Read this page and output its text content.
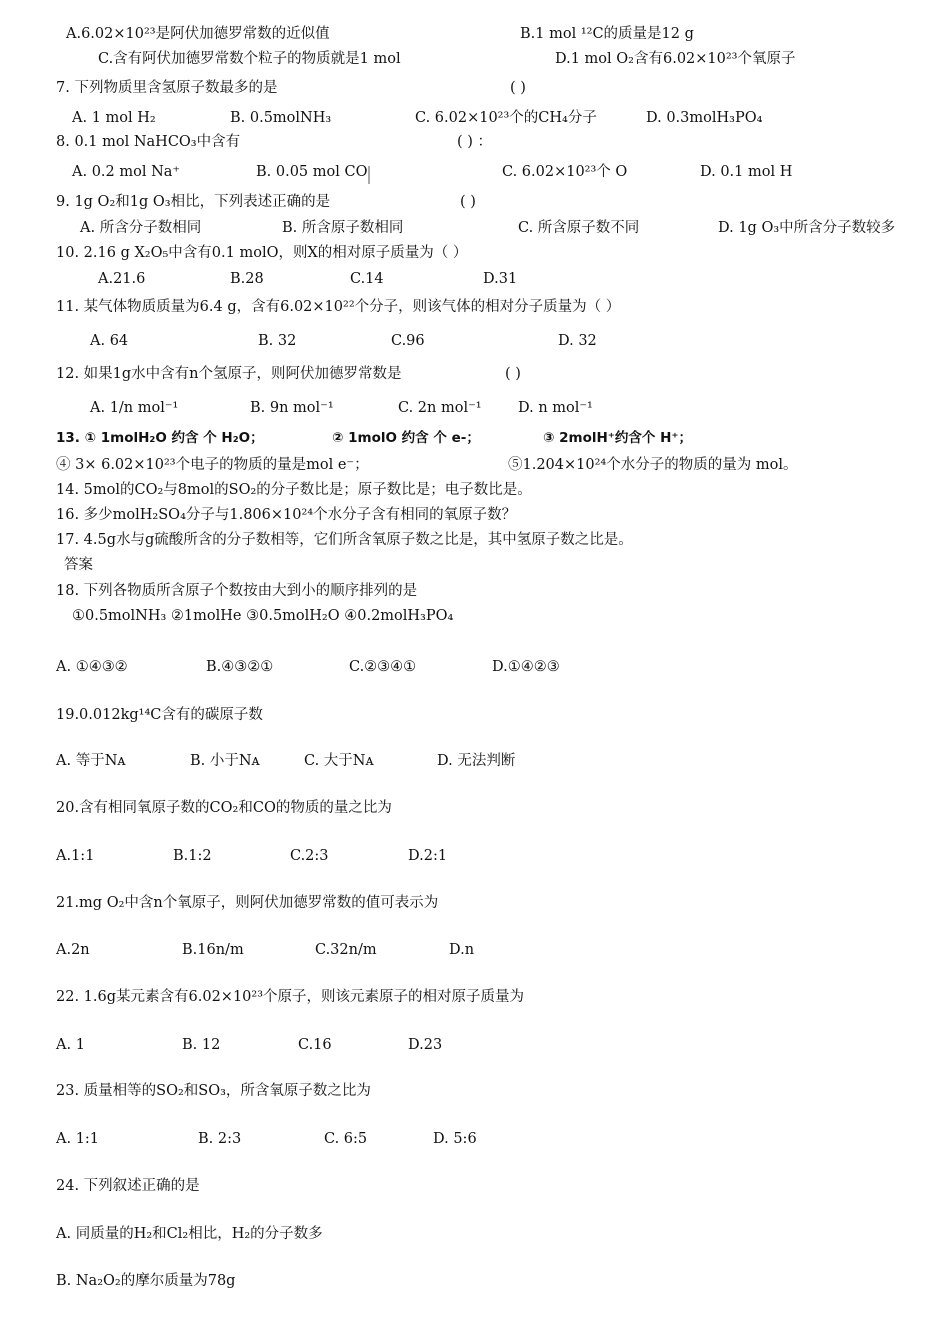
A.6.02×10²³是阿伏加德罗常数的近似值	B.1 mol ¹²C的质量是12 g
C.含有阿伏加德罗常数个粒子的物质就是1 mol	D.1 mol O₂含有6.02×10²³个氧原子
7. 下列物质里含氢原子数最多的是	( )
A. 1 mol H₂	B. 0.5molNH₃	C. 6.02×10²³个的CH₄分子	D. 0.3molH₃PO₄
8. 0.1 mol NaHCO₃中含有	( ) ：
A. 0.2 mol Na⁺	B. 0.05 mol CO	C. 6.02×10²³个 O	D. 0.1 mol H
9. 1g O₂和1g O₃相比，下列表述正确的是	( )
A. 所含分子数相同	B. 所含原子数相同	C. 所含原子数不同	D. 1g O₃中所含分子数较多
10. 2.16 g X₂O₅中含有0.1 molO，则X的相对原子质量为（ ）
A.21.6	B.28	C.14	D.31
11. 某气体物质质量为6.4 g，含有6.02×10²²个分子，则该气体的相对分子质量为（ ）
A. 64	B. 32	C.96	D. 32
12. 如果1g水中含有n个氢原子，则阿伏加德罗常数是	( )
A. 1/n mol⁻¹	B. 9n mol⁻¹	C. 2n mol⁻¹	D. n mol⁻¹
13. ① 1molH₂O 约含 个 H₂O；	② 1molO 约含 个 e-；	③ 2molH⁺约含个 H⁺；
④ 3× 6.02×10²³个电子的物质的量是mol e⁻；	⑤1.204×10²⁴个水分子的物质的量为 mol。
14. 5mol的CO₂与8mol的SO₂的分子数比是；原子数比是；电子数比是。
16. 多少molH₂SO₄分子与1.806×10²⁴个水分子含有相同的氧原子数？
17. 4.5g水与g硫酸所含的分子数相等，它们所含氧原子数之比是，其中氢原子数之比是。
答案
18. 下列各物质所含原子个数按由大到小的顺序排列的是
①0.5molNH₃ ②1molHe ③0.5molH₂O ④0.2molH₃PO₄
A. ①④③②	B.④③②①	C.②③④①	D.①④②③
19.0.012kg¹⁴C含有的碳原子数
A. 等于Nᴀ	B. 小于Nᴀ	C. 大于Nᴀ	D. 无法判断
20.含有相同氧原子数的CO₂和CO的物质的量之比为
A.1:1	B.1:2	C.2:3	D.2:1
21.mg O₂中含n个氧原子，则阿伏加德罗常数的值可表示为
A.2n	B.16n/m	C.32n/m	D.n
22. 1.6g某元素含有6.02×10²³个原子，则该元素原子的相对原子质量为
A. 1	B. 12	C.16	D.23
23. 质量相等的SO₂和SO₃，所含氧原子数之比为
A. 1:1	B. 2:3	C. 6:5	D. 5:6
24. 下列叙述正确的是
A. 同质量的H₂和Cl₂相比，H₂的分子数多
B. Na₂O₂的摩尔质量为78g
